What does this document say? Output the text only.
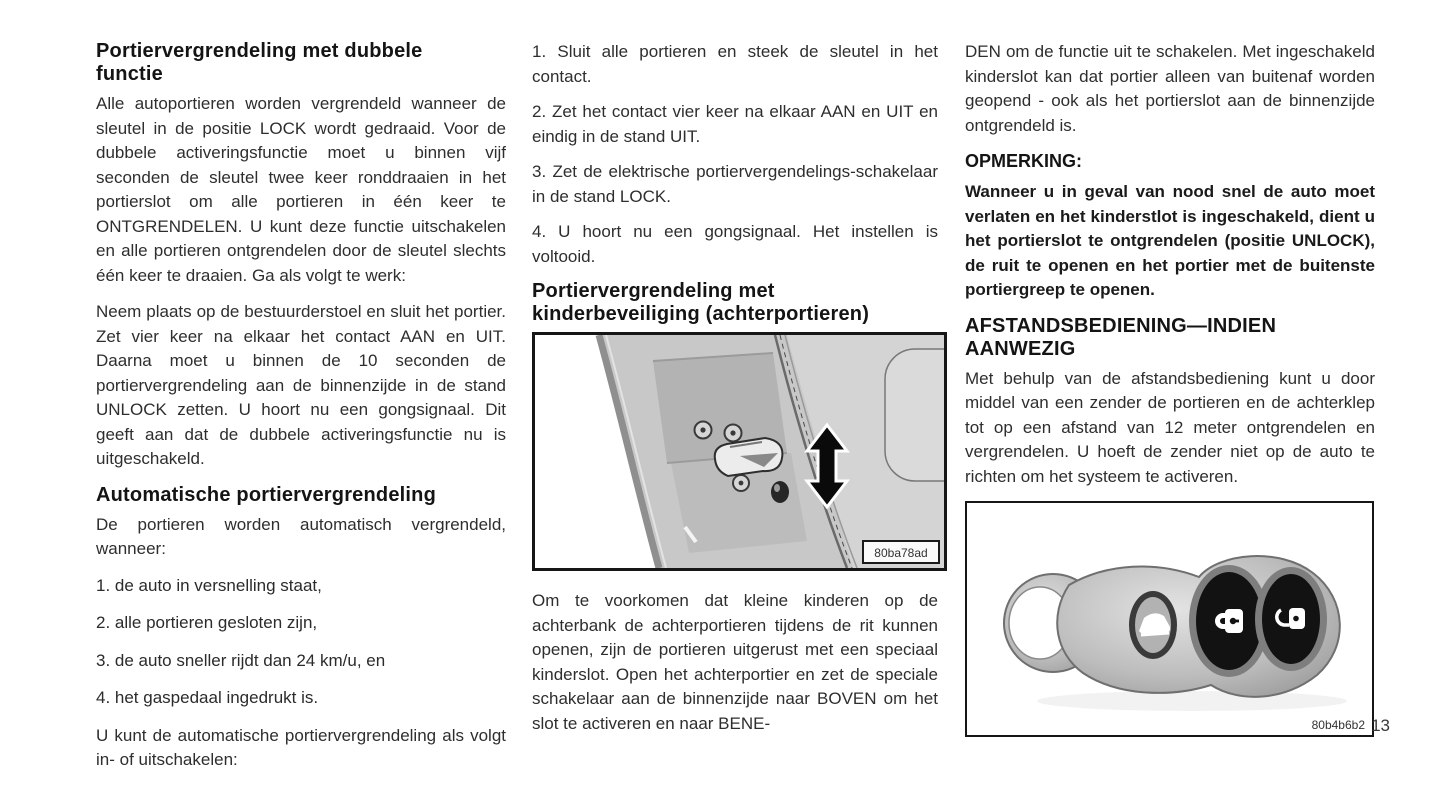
Portiervergrendeling met dubbele
functie

Alle autoportieren worden vergrendeld wanneer de sleutel in de positie LOCK wordt gedraaid. Voor de dubbele activeringsfunctie moet u binnen vijf seconden de sleutel twee keer ronddraaien in het portierslot om alle portieren in één keer te ONTGRENDELEN. U kunt deze functie uitschakelen en alle portieren ontgrendelen door de sleutel slechts één keer te draaien. Ga als volgt te werk:

Neem plaats op de bestuurderstoel en sluit het portier. Zet vier keer na elkaar het contact AAN en UIT. Daarna moet u binnen de 10 seconden de portiervergrendeling aan de binnenzijde in de stand UNLOCK zetten. U hoort nu een gongsignaal. Dit geeft aan dat de dubbele activeringsfunctie nu is uitgeschakeld.

Automatische portiervergrendeling

De portieren worden automatisch vergrendeld, wanneer:

1. de auto in versnelling staat,

2. alle portieren gesloten zijn,

3. de auto sneller rijdt dan 24 km/u, en

4. het gaspedaal ingedrukt is.

U kunt de automatische portiervergrendeling als volgt in- of uitschakelen:

1. Sluit alle portieren en steek de sleutel in het contact.

2. Zet het contact vier keer na elkaar AAN en UIT en eindig in de stand UIT.

3. Zet de elektrische portiervergendelings-schakelaar in de stand LOCK.

4. U hoort nu een gongsignaal. Het instellen is voltooid.

Portiervergrendeling met
kinderbeveiliging (achterportieren)
80ba78ad

Om te voorkomen dat kleine kinderen op de achterbank de achterportieren tijdens de rit kunnen openen, zijn de portieren uitgerust met een speciaal kinderslot. Open het achterportier en zet de speciale schakelaar aan de binnenzijde naar BOVEN om het slot te activeren en naar BENE-

DEN om de functie uit te schakelen. Met ingeschakeld kinderslot kan dat portier alleen van buitenaf worden geopend - ook als het portierslot aan de binnenzijde ontgrendeld is.

OPMERKING:

Wanneer u in geval van nood snel de auto moet verlaten en het kinderstlot is ingeschakeld, dient u het portierslot te ontgrendelen (positie UNLOCK), de ruit te openen en het portier met de buitenste portiergreep te openen.

AFSTANDSBEDIENING—INDIEN
AANWEZIG

Met behulp van de afstandsbediening kunt u door middel van een zender de portieren en de achterklep tot op een afstand van 12 meter ontgrendelen en vergrendelen. U hoeft de zender niet op de auto te richten om het systeem te activeren.

80b4b6b2 13
